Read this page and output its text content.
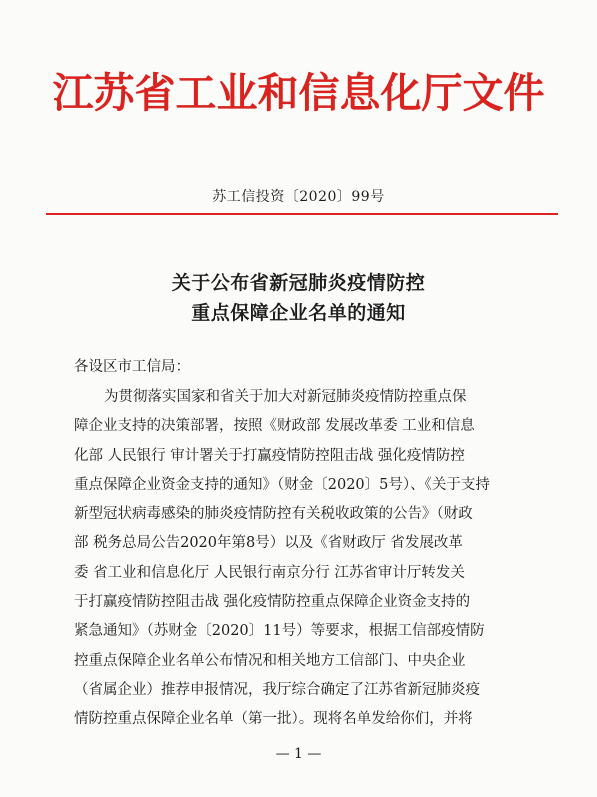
江苏省工业和信息化厅文件
苏工信投资〔2020〕99号
关于公布省新冠肺炎疫情防控
重点保障企业名单的通知
各设区市工信局：
为贯彻落实国家和省关于加大对新冠肺炎疫情防控重点保
障企业支持的决策部署，按照《财政部 发展改革委 工业和信息
化部 人民银行 审计署关于打赢疫情防控阻击战 强化疫情防控
重点保障企业资金支持的通知》（财金〔2020〕5号）、《关于支持
新型冠状病毒感染的肺炎疫情防控有关税收政策的公告》（财政
部 税务总局公告2020年第8号）以及《省财政厅 省发展改革
委 省工业和信息化厅 人民银行南京分行 江苏省审计厅转发关
于打赢疫情防控阻击战 强化疫情防控重点保障企业资金支持的
紧急通知》（苏财金〔2020〕11号）等要求，根据工信部疫情防
控重点保障企业名单公布情况和相关地方工信部门、中央企业
（省属企业）推荐申报情况，我厅综合确定了江苏省新冠肺炎疫
情防控重点保障企业名单（第一批）。现将名单发给你们，并将
— 1 —
